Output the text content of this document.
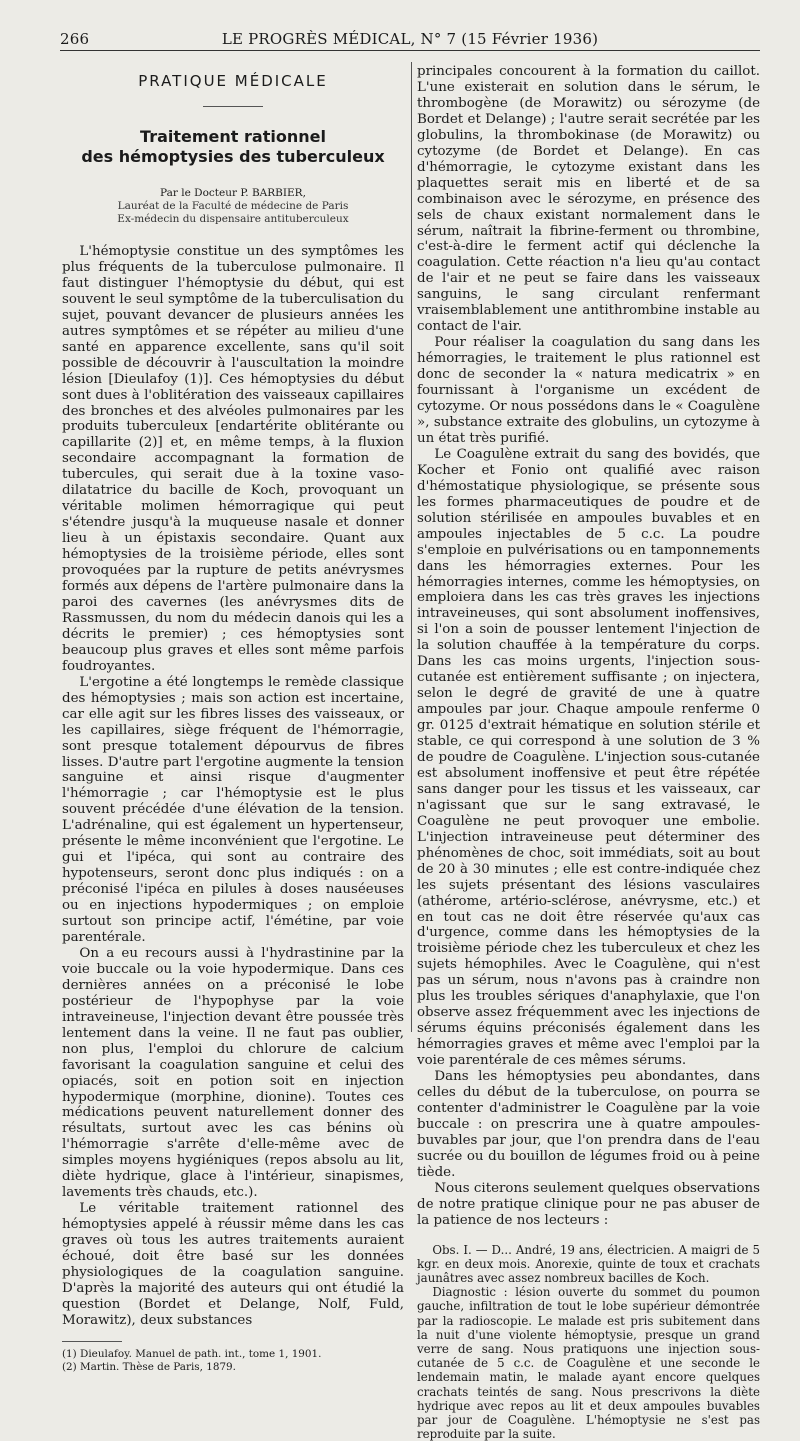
266	LE PROGRÈS MÉDICAL, N° 7 (15 Février 1936)
PRATIQUE MÉDICALE
Traitement rationnel
des hémoptysies des tuberculeux
Par le Docteur P. BARBIER,
Lauréat de la Faculté de médecine de Paris
Ex-médecin du dispensaire antituberculeux

L'hémoptysie constitue un des symptômes les plus fréquents de la tuberculose pulmonaire. Il faut distinguer l'hémoptysie du début, qui est souvent le seul symptôme de la tuberculisation du sujet, pouvant devancer de plusieurs années les autres symptômes et se répéter au milieu d'une santé en apparence excellente, sans qu'il soit possible de découvrir à l'auscultation la moindre lésion [Dieulafoy (1)]. Ces hémoptysies du début sont dues à l'oblitération des vaisseaux capillaires des bronches et des alvéoles pulmonaires par les produits tuberculeux [endartérite oblitérante ou capillarite (2)] et, en même temps, à la fluxion secondaire accompagnant la formation de tubercules, qui serait due à la toxine vaso-dilatatrice du bacille de Koch, provoquant un véritable molimen hémorragique qui peut s'étendre jusqu'à la muqueuse nasale et donner lieu à un épistaxis secondaire. Quant aux hémoptysies de la troisième période, elles sont provoquées par la rupture de petits anévrysmes formés aux dépens de l'artère pulmonaire dans la paroi des cavernes (les anévrysmes dits de Rassmussen, du nom du médecin danois qui les a décrits le premier) ; ces hémoptysies sont beaucoup plus graves et elles sont même parfois foudroyantes.

L'ergotine a été longtemps le remède classique des hémoptysies ; mais son action est incertaine, car elle agit sur les fibres lisses des vaisseaux, or les capillaires, siège fréquent de l'hémorragie, sont presque totalement dépourvus de fibres lisses. D'autre part l'ergotine augmente la tension sanguine et ainsi risque d'augmenter l'hémorragie ; car l'hémoptysie est le plus souvent précédée d'une élévation de la tension. L'adrénaline, qui est également un hypertenseur, présente le même inconvénient que l'ergotine. Le gui et l'ipéca, qui sont au contraire des hypotenseurs, seront donc plus indiqués : on a préconisé l'ipéca en pilules à doses nauséeuses ou en injections hypodermiques ; on emploie surtout son principe actif, l'émétine, par voie parentérale.

On a eu recours aussi à l'hydrastinine par la voie buccale ou la voie hypodermique. Dans ces dernières années on a préconisé le lobe postérieur de l'hypophyse par la voie intraveineuse, l'injection devant être poussée très lentement dans la veine. Il ne faut pas oublier, non plus, l'emploi du chlorure de calcium favorisant la coagulation sanguine et celui des opiacés, soit en potion soit en injection hypodermique (morphine, dionine). Toutes ces médications peuvent naturellement donner des résultats, surtout avec les cas bénins où l'hémorragie s'arrête d'elle-même avec de simples moyens hygiéniques (repos absolu au lit, diète hydrique, glace à l'intérieur, sinapismes, lavements très chauds, etc.).

Le véritable traitement rationnel des hémoptysies appelé à réussir même dans les cas graves où tous les autres traitements auraient échoué, doit être basé sur les données physiologiques de la coagulation sanguine. D'après la majorité des auteurs qui ont étudié la question (Bordet et Delange, Nolf, Fuld, Morawitz), deux substances

(1) Dieulafoy. Manuel de path. int., tome 1, 1901.
(2) Martin. Thèse de Paris, 1879.

principales concourent à la formation du caillot. L'une existerait en solution dans le sérum, le thrombogène (de Morawitz) ou sérozyme (de Bordet et Delange) ; l'autre serait secrétée par les globulins, la thrombokinase (de Morawitz) ou cytozyme (de Bordet et Delange). En cas d'hémorragie, le cytozyme existant dans les plaquettes serait mis en liberté et de sa combinaison avec le sérozyme, en présence des sels de chaux existant normalement dans le sérum, naîtrait la fibrine-ferment ou thrombine, c'est-à-dire le ferment actif qui déclenche la coagulation. Cette réaction n'a lieu qu'au contact de l'air et ne peut se faire dans les vaisseaux sanguins, le sang circulant renfermant vraisemblablement une antithrombine instable au contact de l'air.

Pour réaliser la coagulation du sang dans les hémorragies, le traitement le plus rationnel est donc de seconder la « natura medicatrix » en fournissant à l'organisme un excédent de cytozyme. Or nous possédons dans le « Coagulène », substance extraite des globulins, un cytozyme à un état très purifié.

Le Coagulène extrait du sang des bovidés, que Kocher et Fonio ont qualifié avec raison d'hémostatique physiologique, se présente sous les formes pharmaceutiques de poudre et de solution stérilisée en ampoules buvables et en ampoules injectables de 5 c.c. La poudre s'emploie en pulvérisations ou en tamponnements dans les hémorragies externes. Pour les hémorragies internes, comme les hémoptysies, on emploiera dans les cas très graves les injections intraveineuses, qui sont absolument inoffensives, si l'on a soin de pousser lentement l'injection de la solution chauffée à la température du corps. Dans les cas moins urgents, l'injection sous-cutanée est entièrement suffisante ; on injectera, selon le degré de gravité de une à quatre ampoules par jour. Chaque ampoule renferme 0 gr. 0125 d'extrait hématique en solution stérile et stable, ce qui correspond à une solution de 3 % de poudre de Coagulène. L'injection sous-cutanée est absolument inoffensive et peut être répétée sans danger pour les tissus et les vaisseaux, car n'agissant que sur le sang extravasé, le Coagulène ne peut provoquer une embolie. L'injection intraveineuse peut déterminer des phénomènes de choc, soit immédiats, soit au bout de 20 à 30 minutes ; elle est contre-indiquée chez les sujets présentant des lésions vasculaires (athérome, artério-sclérose, anévrysme, etc.) et en tout cas ne doit être réservée qu'aux cas d'urgence, comme dans les hémoptysies de la troisième période chez les tuberculeux et chez les sujets hémophiles. Avec le Coagulène, qui n'est pas un sérum, nous n'avons pas à craindre non plus les troubles sériques d'anaphylaxie, que l'on observe assez fréquemment avec les injections de sérums équins préconisés également dans les hémorragies graves et même avec l'emploi par la voie parentérale de ces mêmes sérums.

Dans les hémoptysies peu abondantes, dans celles du début de la tuberculose, on pourra se contenter d'administrer le Coagulène par la voie buccale : on prescrira une à quatre ampoules-buvables par jour, que l'on prendra dans de l'eau sucrée ou du bouillon de légumes froid ou à peine tiède.

Nous citerons seulement quelques observations de notre pratique clinique pour ne pas abuser de la patience de nos lecteurs :

Obs. I. — D... André, 19 ans, électricien. A maigri de 5 kgr. en deux mois. Anorexie, quinte de toux et crachats jaunâtres avec assez nombreux bacilles de Koch.

Diagnostic : lésion ouverte du sommet du poumon gauche, infiltration de tout le lobe supérieur démontrée par la radioscopie. Le malade est pris subitement dans la nuit d'une violente hémoptysie, presque un grand verre de sang. Nous pratiquons une injection sous-cutanée de 5 c.c. de Coagulène et une seconde le lendemain matin, le malade ayant encore quelques crachats teintés de sang. Nous prescrivons la diète hydrique avec repos au lit et deux ampoules buvables par jour de Coagulène. L'hémoptysie ne s'est pas reproduite par la suite.
